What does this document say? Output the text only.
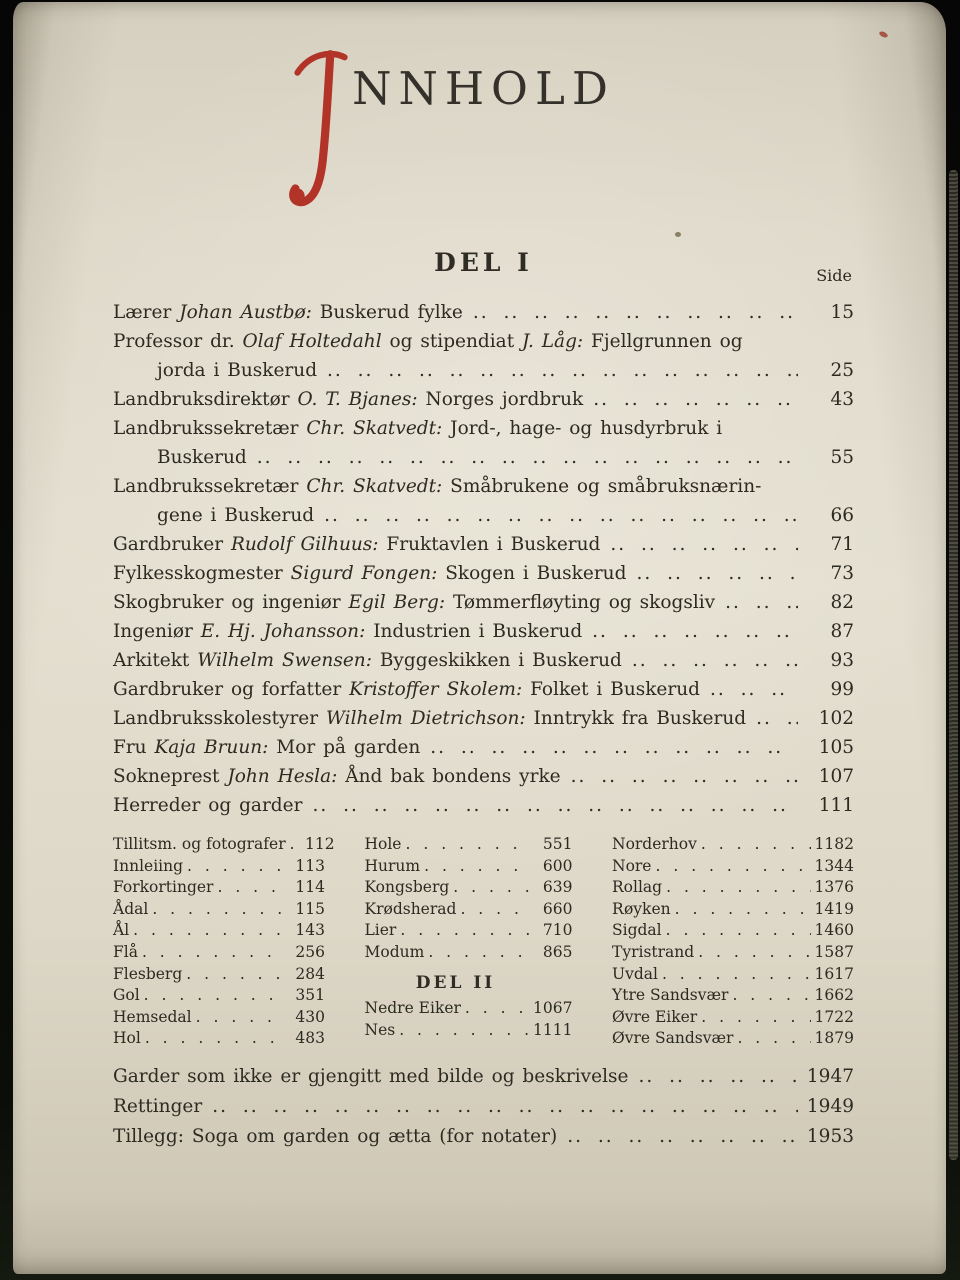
NNHOLD
DEL I	Side
Lærer Johan Austbø: Buskerud fylke .. ..	15
Professor dr. Olaf Holtedahl og stipendiat J. Låg: Fjellgrunnen og
jorda i Buskerud .. ..	25
Landbruksdirektør O. T. Bjanes: Norges jordbruk .. ..	43
Landbrukssekretær Chr. Skatvedt: Jord-, hage- og husdyrbruk i
Buskerud .. ..	55
Landbrukssekretær Chr. Skatvedt: Småbrukene og småbruksnærin-
gene i Buskerud .. ..	66
Gardbruker Rudolf Gilhuus: Fruktavlen i Buskerud .. ..	71
Fylkesskogmester Sigurd Fongen: Skogen i Buskerud .. ..	73
Skogbruker og ingeniør Egil Berg: Tømmerfløyting og skogsliv .. ..	82
Ingeniør E. Hj. Johansson: Industrien i Buskerud .. ..	87
Arkitekt Wilhelm Swensen: Byggeskikken i Buskerud .. ..	93
Gardbruker og forfatter Kristoffer Skolem: Folket i Buskerud .. ..	99
Landbruksskolestyrer Wilhelm Dietrichson: Inntrykk fra Buskerud .. ..	102
Fru Kaja Bruun: Mor på garden .. ..	105
Sokneprest John Hesla: Ånd bak bondens yrke .. ..	107
Herreder og garder .. ..	111
Tillitsm. og fotografer . . .	112
Innleiing . . .	113
Forkortinger . . .	114
Ådal . . .	115
Ål . . .	143
Flå . . .	256
Flesberg . . .	284
Gol . . .	351
Hemsedal . . .	430
Hol . . .	483
Hole . . .	551
Hurum . . .	600
Kongsberg . . .	639
Krødsherad . . .	660
Lier . . .	710
Modum . . .	865
DEL II
Nedre Eiker . . .	1067
Nes . . .	1111
Norderhov . . .	1182
Nore . . .	1344
Rollag . . .	1376
Røyken . . .	1419
Sigdal . . .	1460
Tyristrand . . .	1587
Uvdal . . .	1617
Ytre Sandsvær . . .	1662
Øvre Eiker . . .	1722
Øvre Sandsvær . . .	1879
Garder som ikke er gjengitt med bilde og beskrivelse .. ..	1947
Rettinger .. ..	1949
Tillegg: Soga om garden og ætta (for notater) .. ..	1953
